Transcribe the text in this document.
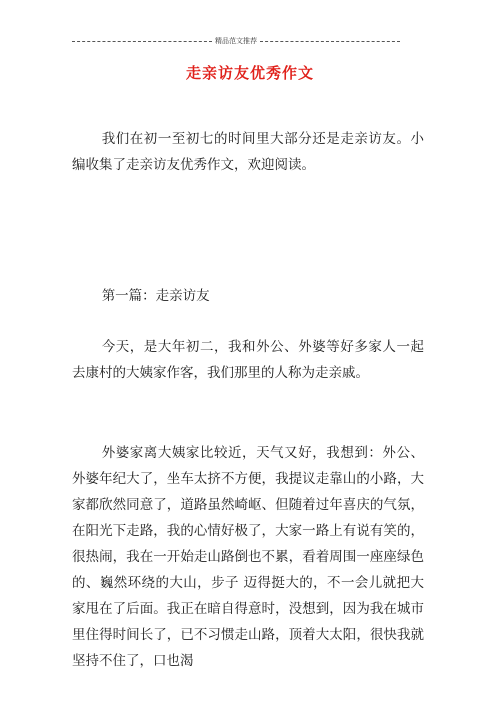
精品范文推荐
走亲访友优秀作文

我们在初一至初七的时间里大部分还是走亲访友。小编收集了走亲访友优秀作文，欢迎阅读。

第一篇：走亲访友

今天，是大年初二，我和外公、外婆等好多家人一起去康村的大姨家作客，我们那里的人称为走亲戚。

外婆家离大姨家比较近，天气又好，我想到：外公、外婆年纪大了，坐车太挤不方便，我提议走靠山的小路，大家都欣然同意了，道路虽然崎岖、但随着过年喜庆的气氛，在阳光下走路，我的心情好极了，大家一路上有说有笑的，很热闹，我在一开始走山路倒也不累，看着周围一座座绿色的、巍然环绕的大山，步子 迈得挺大的，不一会儿就把大家甩在了后面。我正在暗自得意时，没想到，因为我在城市里住得时间长了，已不习惯走山路，顶着大太阳，很快我就坚持不住了，口也渴
